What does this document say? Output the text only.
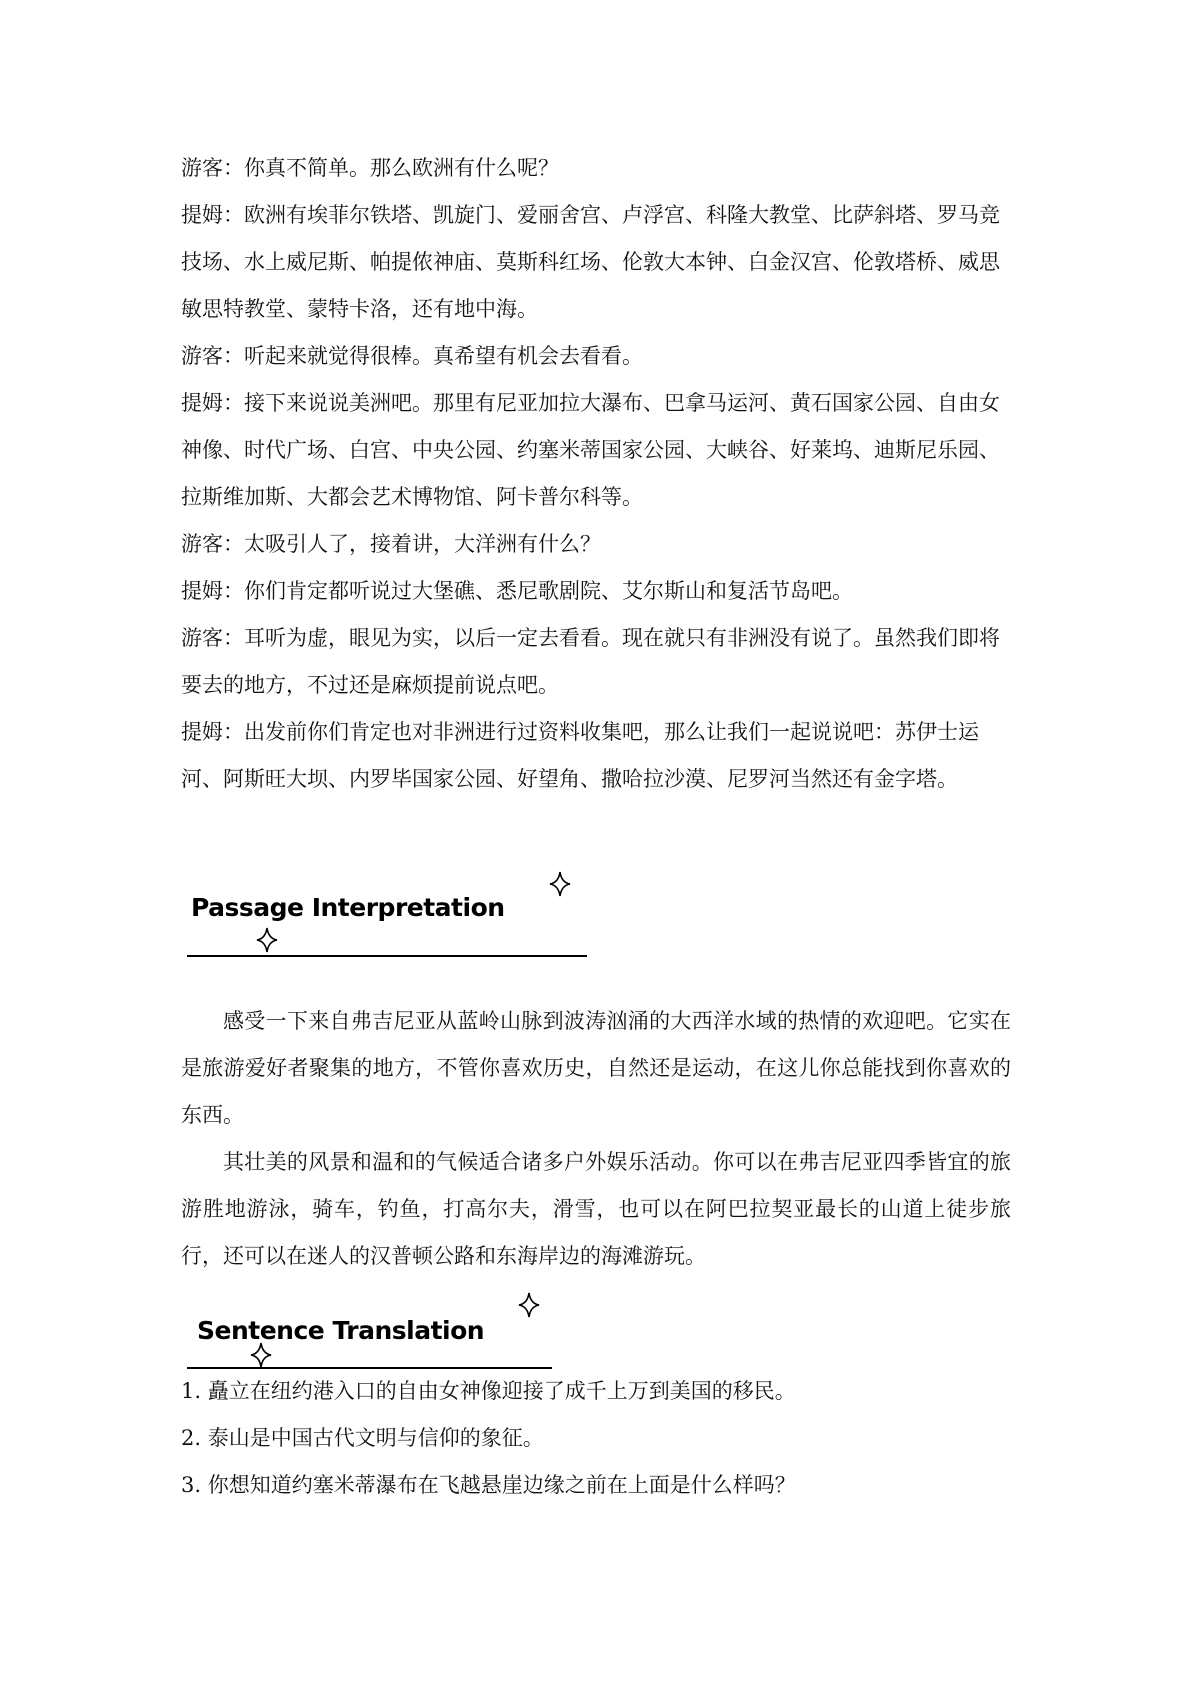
游客：你真不简单。那么欧洲有什么呢？

提姆：欧洲有埃菲尔铁塔、凯旋门、爱丽舍宫、卢浮宫、科隆大教堂、比萨斜塔、罗马竞技场、水上威尼斯、帕提侬神庙、莫斯科红场、伦敦大本钟、白金汉宫、伦敦塔桥、威思敏思特教堂、蒙特卡洛，还有地中海。

游客：听起来就觉得很棒。真希望有机会去看看。

提姆：接下来说说美洲吧。那里有尼亚加拉大瀑布、巴拿马运河、黄石国家公园、自由女神像、时代广场、白宫、中央公园、约塞米蒂国家公园、大峡谷、好莱坞、迪斯尼乐园、拉斯维加斯、大都会艺术博物馆、阿卡普尔科等。

游客：太吸引人了，接着讲，大洋洲有什么？

提姆：你们肯定都听说过大堡礁、悉尼歌剧院、艾尔斯山和复活节岛吧。

游客：耳听为虚，眼见为实，以后一定去看看。现在就只有非洲没有说了。虽然我们即将要去的地方，不过还是麻烦提前说点吧。

提姆：出发前你们肯定也对非洲进行过资料收集吧，那么让我们一起说说吧：苏伊士运河、阿斯旺大坝、内罗毕国家公园、好望角、撒哈拉沙漠、尼罗河当然还有金字塔。

Passage Interpretation

感受一下来自弗吉尼亚从蓝岭山脉到波涛汹涌的大西洋水域的热情的欢迎吧。它实在是旅游爱好者聚集的地方，不管你喜欢历史，自然还是运动，在这儿你总能找到你喜欢的东西。

其壮美的风景和温和的气候适合诸多户外娱乐活动。你可以在弗吉尼亚四季皆宜的旅游胜地游泳，骑车，钓鱼，打高尔夫，滑雪，也可以在阿巴拉契亚最长的山道上徒步旅行，还可以在迷人的汉普顿公路和东海岸边的海滩游玩。

Sentence Translation

1. 矗立在纽约港入口的自由女神像迎接了成千上万到美国的移民。

2. 泰山是中国古代文明与信仰的象征。

3. 你想知道约塞米蒂瀑布在飞越悬崖边缘之前在上面是什么样吗？
